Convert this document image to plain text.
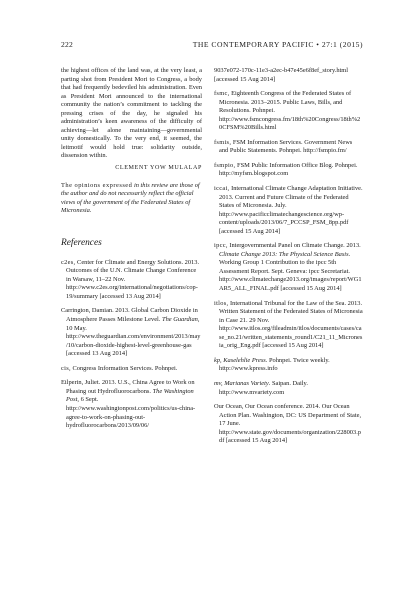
222	THE CONTEMPORARY PACIFIC • 27:1 (2015)

the highest offices of the land was, at the very least, a parting shot from President Mori to Congress, a body that had frequently bedeviled his administration. Even as President Mori announced to the international community the nation’s commitment to tackling the pressing crises of the day, he signaled his administration’s keen awareness of the difficulty of achieving—let alone maintaining—governmental unity domestically. To the very end, it seemed, the leitmotif would hold true: solidarity outside, dissension within.

CLEMENT YOW MULALAP

The opinions expressed in this review are those of the author and do not necessarily reflect the official views of the government of the Federated States of Micronesia.

References

c2es, Center for Climate and Energy Solutions. 2013. Outcomes of the U.N. Climate Change Conference in Warsaw, 11–22 Nov. http://www.c2es.org/international/negotiations/cop-19/summary [accessed 13 Aug 2014]

Carrington, Damian. 2013. Global Carbon Dioxide in Atmosphere Passes Milestone Level. The Guardian, 10 May. http://www.theguardian.com/environment/2013/may/10/carbon-dioxide-highest-level-greenhouse-gas [accessed 13 Aug 2014]

cis, Congress Information Services. Pohnpei.

Eilperin, Juliet. 2013. U.S., China Agree to Work on Phasing out Hydrofluorocarbons. The Washington Post, 6 Sept. http://www.washingtonpost.com/politics/us-china-agree-to-work-on-phasing-out-hydrofluorocarbons/2013/09/06/

9037e072-170c-11e3-a2ec-b47e45e6f8ef_story.html [accessed 15 Aug 2014]

fsmc, Eighteenth Congress of the Federated States of Micronesia. 2013–2015. Public Laws, Bills, and Resolutions. Pohnpei. http://www.fsmcongress.fm/18th%20Congress/18th%20CFSM%20Bills.html

fsmis, FSM Information Services. Government News and Public Statements. Pohnpei. http://fsmpio.fm/

fsmpio, FSM Public Information Office Blog. Pohnpei. http://myfsm.blogspot.com

iccai, International Climate Change Adaptation Initiative. 2013. Current and Future Climate of the Federated States of Micronesia. July. http://www.pacificclimatechangescience.org/wp-content/uploads/2013/06/7_PCCSP_FSM_8pp.pdf [accessed 15 Aug 2014]

ipcc, Intergovernmental Panel on Climate Change. 2013. Climate Change 2013: The Physical Science Basis. Working Group 1 Contribution to the ipcc 5th Assessment Report. Sept. Geneva: ipcc Secretariat. http://www.climatechange2013.org/images/report/WG1AR5_ALL_FINAL.pdf [accessed 15 Aug 2014]

itlos, International Tribunal for the Law of the Sea. 2013. Written Statement of the Federated States of Micronesia in Case 21. 29 Nov. http://www.itlos.org/fileadmin/itlos/documents/cases/case_no.21/written_statements_round1/C21_11_Micronesia_orig_Eng.pdf [accessed 15 Aug 2014]

kp, Kaselehlie Press. Pohnpei. Twice weekly. http://www.kpress.info

mv, Marianas Variety. Saipan. Daily. http://www.mvariety.com

Our Ocean, Our Ocean conference. 2014. Our Ocean Action Plan. Washington, DC: US Department of State, 17 June. http://www.state.gov/documents/organization/228003.pdf [accessed 15 Aug 2014]
